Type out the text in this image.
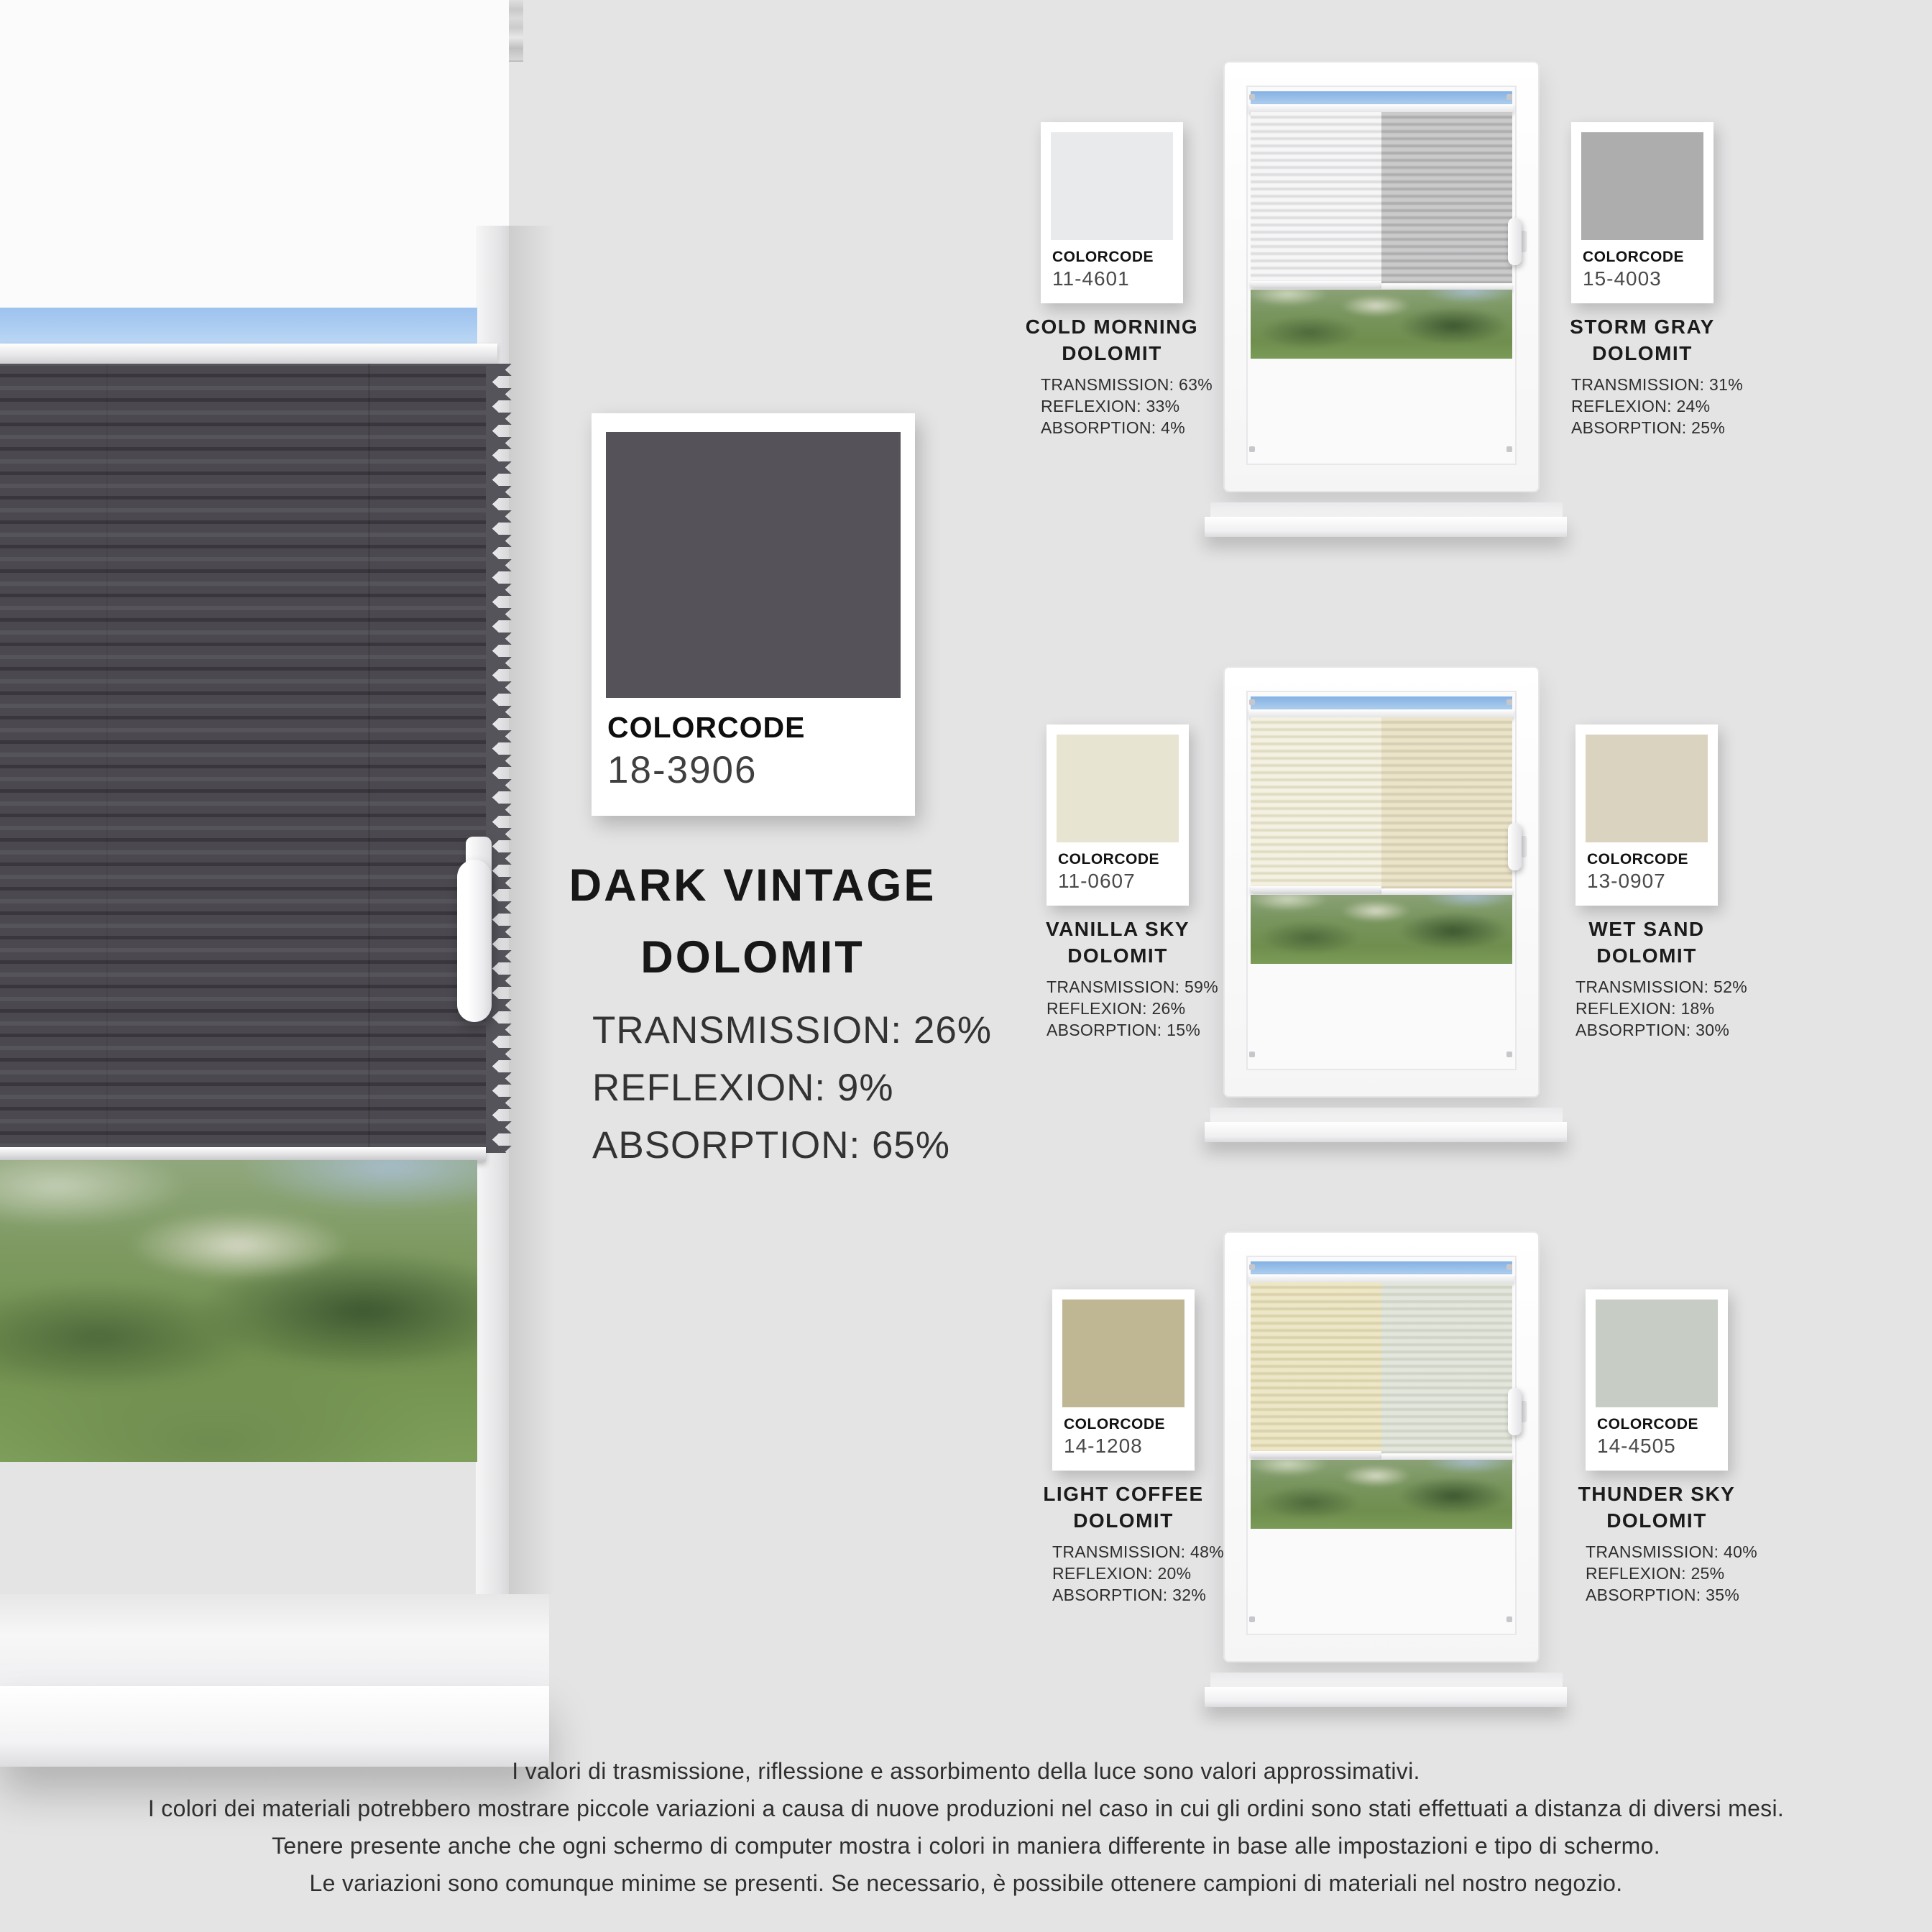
COLORCODE
18-3906
DARK VINTAGE
DOLOMIT
TRANSMISSION: 26%
REFLEXION: 9%
ABSORPTION: 65%
COLORCODE
11-4601
COLD MORNING
DOLOMIT
TRANSMISSION: 63%
REFLEXION: 33%
ABSORPTION: 4%
COLORCODE
15-4003
STORM GRAY
DOLOMIT
TRANSMISSION: 31%
REFLEXION: 24%
ABSORPTION: 25%
COLORCODE
11-0607
VANILLA SKY
DOLOMIT
TRANSMISSION: 59%
REFLEXION: 26%
ABSORPTION: 15%
COLORCODE
13-0907
WET SAND
DOLOMIT
TRANSMISSION: 52%
REFLEXION: 18%
ABSORPTION: 30%
COLORCODE
14-1208
LIGHT COFFEE
DOLOMIT
TRANSMISSION: 48%
REFLEXION: 20%
ABSORPTION: 32%
COLORCODE
14-4505
THUNDER SKY
DOLOMIT
TRANSMISSION: 40%
REFLEXION: 25%
ABSORPTION: 35%
I valori di trasmissione, riflessione e assorbimento della luce sono valori approssimativi.
I colori dei materiali potrebbero mostrare piccole variazioni a causa di nuove produzioni nel caso in cui gli ordini sono stati effettuati a distanza di diversi mesi.
Tenere presente anche che ogni schermo di computer mostra i colori in maniera differente in base alle impostazioni e tipo di schermo.
Le variazioni sono comunque minime se presenti. Se necessario, è possibile ottenere campioni di materiali nel nostro negozio.
